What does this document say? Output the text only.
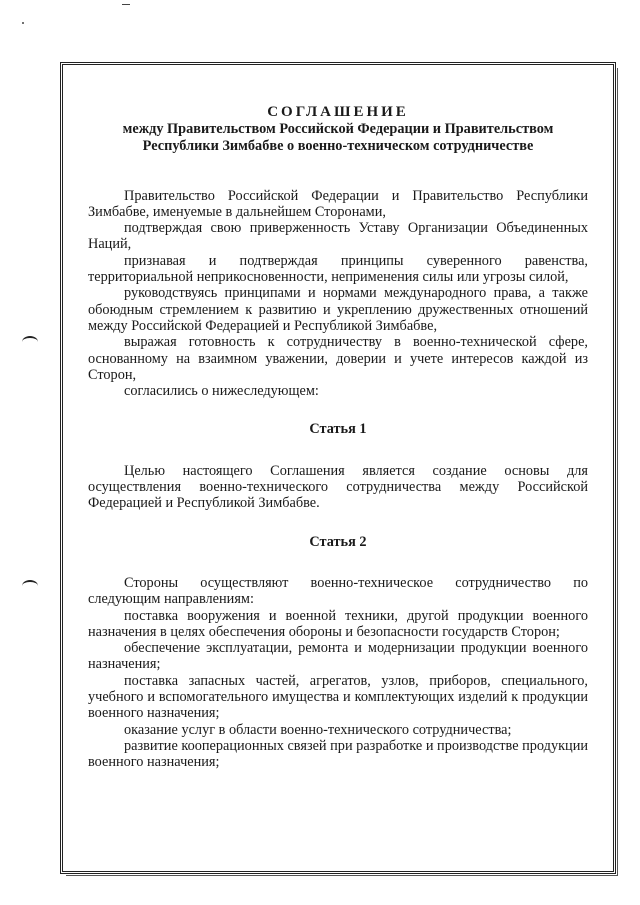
СОГЛАШЕНИЕ
между Правительством Российской Федерации и Правительством
Республики Зимбабве о военно-техническом сотрудничестве

Правительство Российской Федерации и Правительство Республики Зимбабве, именуемые в дальнейшем Сторонами,

подтверждая свою приверженность Уставу Организации Объединенных Наций,

признавая и подтверждая принципы суверенного равенства, территориальной неприкосновенности, неприменения силы или угрозы силой,

руководствуясь принципами и нормами международного права, а также обоюдным стремлением к развитию и укреплению дружественных отношений между Российской Федерацией и Республикой Зимбабве,

выражая готовность к сотрудничеству в военно-технической сфере, основанному на взаимном уважении, доверии и учете интересов каждой из Сторон,

согласились о нижеследующем:

Статья 1

Целью настоящего Соглашения является создание основы для осуществления военно-технического сотрудничества между Российской Федерацией и Республикой Зимбабве.

Статья 2

Стороны осуществляют военно-техническое сотрудничество по следующим направлениям:

поставка вооружения и военной техники, другой продукции военного назначения в целях обеспечения обороны и безопасности государств Сторон;

обеспечение эксплуатации, ремонта и модернизации продукции военного назначения;

поставка запасных частей, агрегатов, узлов, приборов, специального, учебного и вспомогательного имущества и комплектующих изделий к продукции военного назначения;

оказание услуг в области военно-технического сотрудничества;

развитие кооперационных связей при разработке и производстве продукции военного назначения;
